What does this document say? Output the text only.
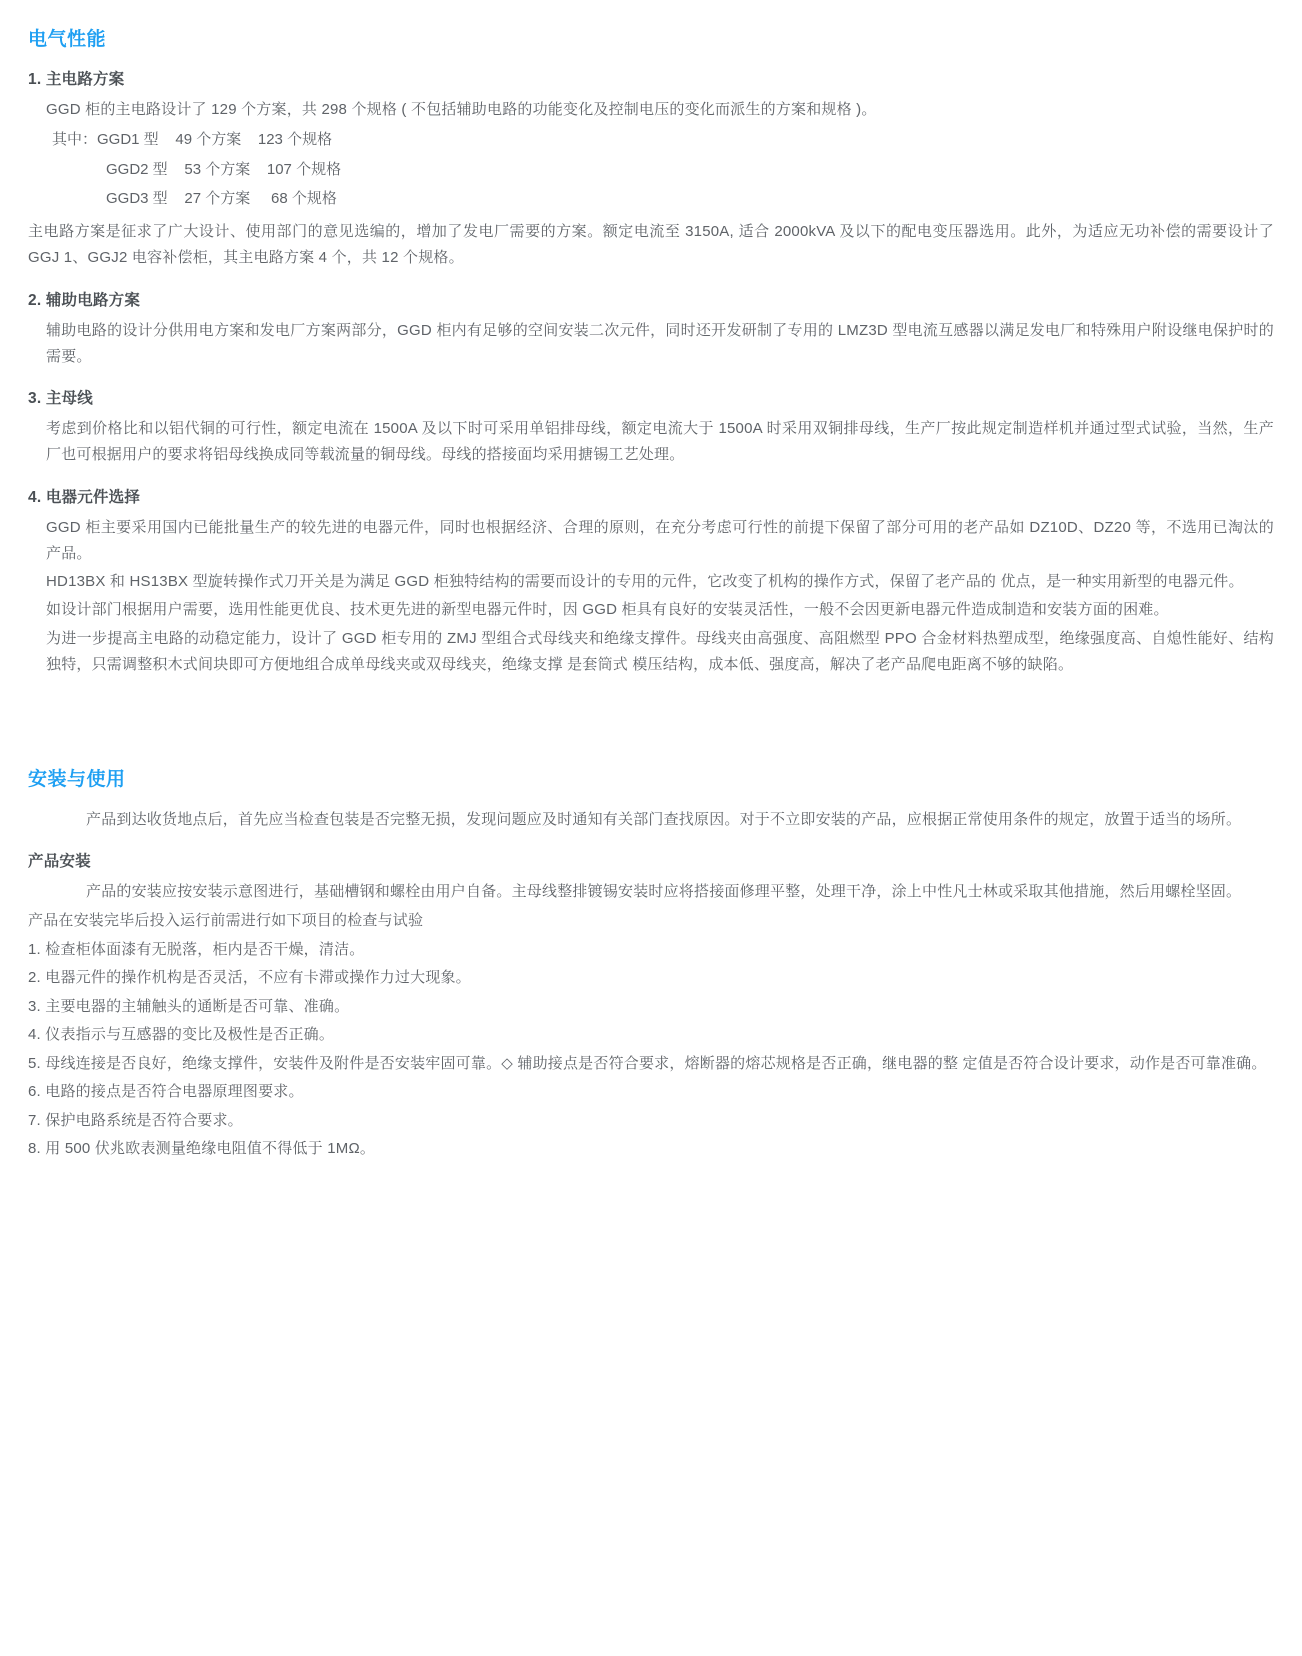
电气性能
1. 主电路方案

GGD 柜的主电路设计了 129 个方案，共 298 个规格 ( 不包括辅助电路的功能变化及控制电压的变化而派生的方案和规格 )。

其中：GGD1 型    49 个方案    123 个规格
GGD2 型    53 个方案    107 个规格
GGD3 型    27 个方案     68 个规格

主电路方案是征求了广大设计、使用部门的意见选编的，增加了发电厂需要的方案。额定电流至 3150A, 适合 2000kVA 及以下的配电变压器选用。此外，为适应无功补偿的需要设计了 GGJ 1、GGJ2 电容补偿柜，其主电路方案 4 个，共 12 个规格。

2. 辅助电路方案

辅助电路的设计分供用电方案和发电厂方案两部分，GGD 柜内有足够的空间安装二次元件，同时还开发研制了专用的 LMZ3D 型电流互感器以满足发电厂和特殊用户附设继电保护时的需要。

3. 主母线

考虑到价格比和以铝代铜的可行性，额定电流在 1500A 及以下时可采用单铝排母线，额定电流大于 1500A 时采用双铜排母线，生产厂按此规定制造样机并通过型式试验，当然，生产厂也可根据用户的要求将铝母线换成同等载流量的铜母线。母线的搭接面均采用搪锡工艺处理。

4. 电器元件选择

GGD 柜主要采用国内已能批量生产的较先进的电器元件，同时也根据经济、合理的原则，在充分考虑可行性的前提下保留了部分可用的老产品如 DZ10D、DZ20 等，不选用已淘汰的产品。

HD13BX 和 HS13BX 型旋转操作式刀开关是为满足 GGD 柜独特结构的需要而设计的专用的元件，它改变了机构的操作方式，保留了老产品的 优点，是一种实用新型的电器元件。

如设计部门根据用户需要，选用性能更优良、技术更先进的新型电器元件时，因 GGD 柜具有良好的安装灵活性，一般不会因更新电器元件造成制造和安装方面的困难。

为进一步提高主电路的动稳定能力，设计了 GGD 柜专用的 ZMJ 型组合式母线夹和绝缘支撑件。母线夹由高强度、高阻燃型 PPO 合金材料热塑成型，绝缘强度高、自熄性能好、结构独特，只需调整积木式间块即可方便地组合成单母线夹或双母线夹，绝缘支撑 是套筒式 模压结构，成本低、强度高，解决了老产品爬电距离不够的缺陷。

安装与使用

产品到达收货地点后，首先应当检查包装是否完整无损，发现问题应及时通知有关部门查找原因。对于不立即安装的产品，应根据正常使用条件的规定，放置于适当的场所。

产品安装

产品的安装应按安装示意图进行，基础槽钢和螺栓由用户自备。主母线整排镀锡安装时应将搭接面修理平整，处理干净，涂上中性凡士林或采取其他措施，然后用螺栓坚固。

产品在安装完毕后投入运行前需进行如下项目的检查与试验

1. 检查柜体面漆有无脱落，柜内是否干燥，清洁。

2. 电器元件的操作机构是否灵活，不应有卡滞或操作力过大现象。

3. 主要电器的主辅触头的通断是否可靠、准确。

4. 仪表指示与互感器的变比及极性是否正确。

5. 母线连接是否良好，绝缘支撑件，安装件及附件是否安装牢固可靠。◇ 辅助接点是否符合要求，熔断器的熔芯规格是否正确，继电器的整 定值是否符合设计要求，动作是否可靠准确。

6. 电路的接点是否符合电器原理图要求。

7. 保护电路系统是否符合要求。

8. 用 500 伏兆欧表测量绝缘电阻值不得低于 1MΩ。
